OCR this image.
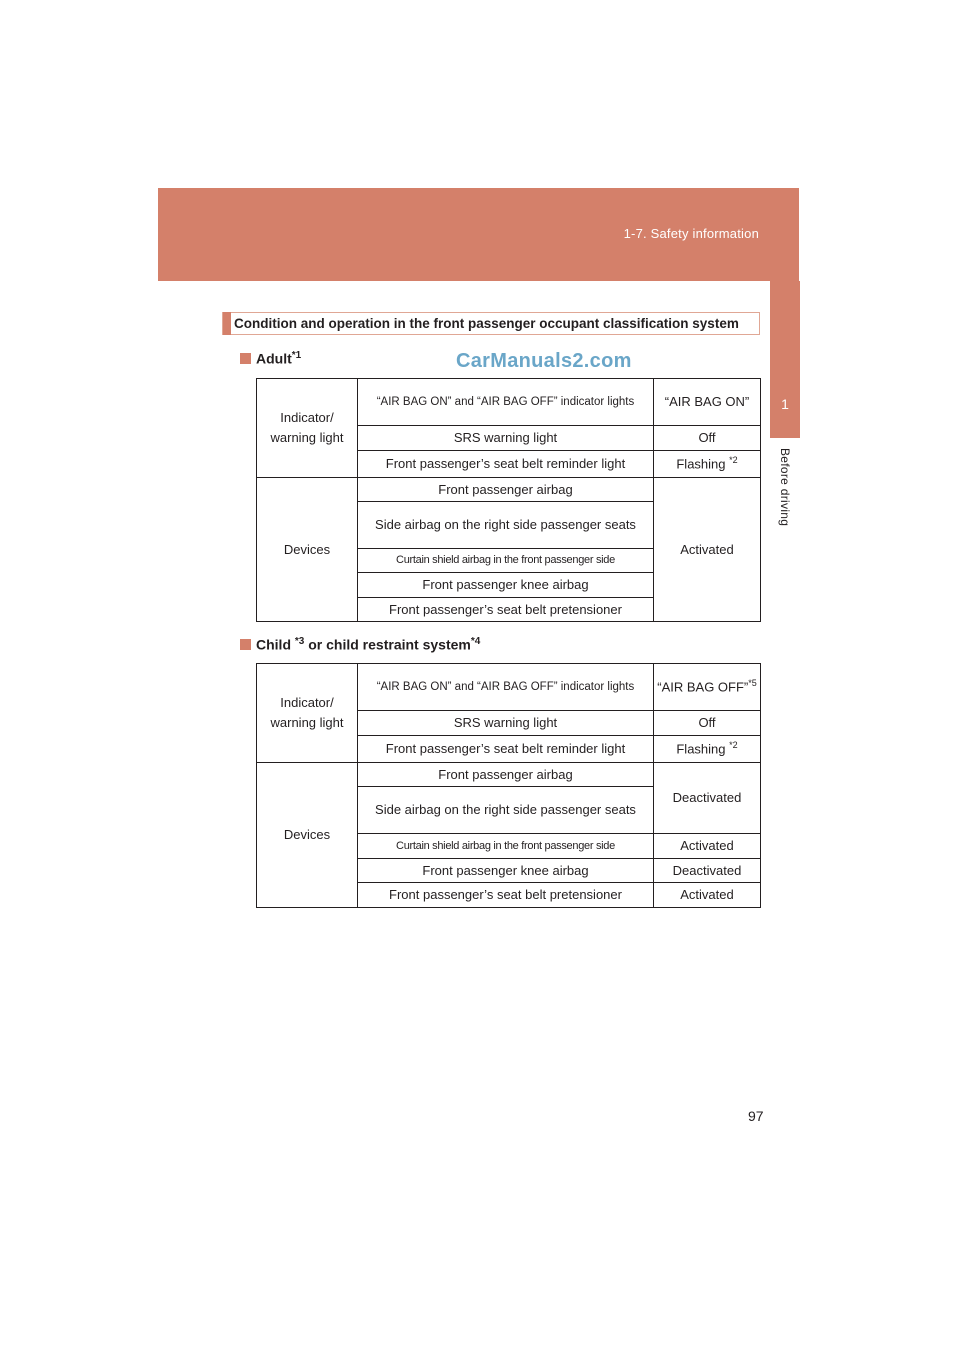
1-7. Safety information
1
Before driving
Condition and operation in the front passenger occupant classification system
Adult$^{*1}$	CarManuals2.com
Indicator/ warning light	“AIR BAG ON” and “AIR BAG OFF” indicator lights	“AIR BAG ON”
	SRS warning light	Off
	Front passenger’s seat belt reminder light	Flashing $^{*2}$
Devices	Front passenger airbag	Activated
	Side airbag on the right side passenger seats	
	Curtain shield airbag in the front passenger side	
	Front passenger knee airbag	
	Front passenger’s seat belt pretensioner	
Child $^{*3}$ or child restraint system$^{*4}$
Indicator/ warning light	“AIR BAG ON” and “AIR BAG OFF” indicator lights	“AIR BAG OFF”$^{*5}$
	SRS warning light	Off
	Front passenger’s seat belt reminder light	Flashing $^{*2}$
Devices	Front passenger airbag	Deactivated
	Side airbag on the right side passenger seats	
	Curtain shield airbag in the front passenger side	Activated
	Front passenger knee airbag	Deactivated
	Front passenger’s seat belt pretensioner	Activated
97
